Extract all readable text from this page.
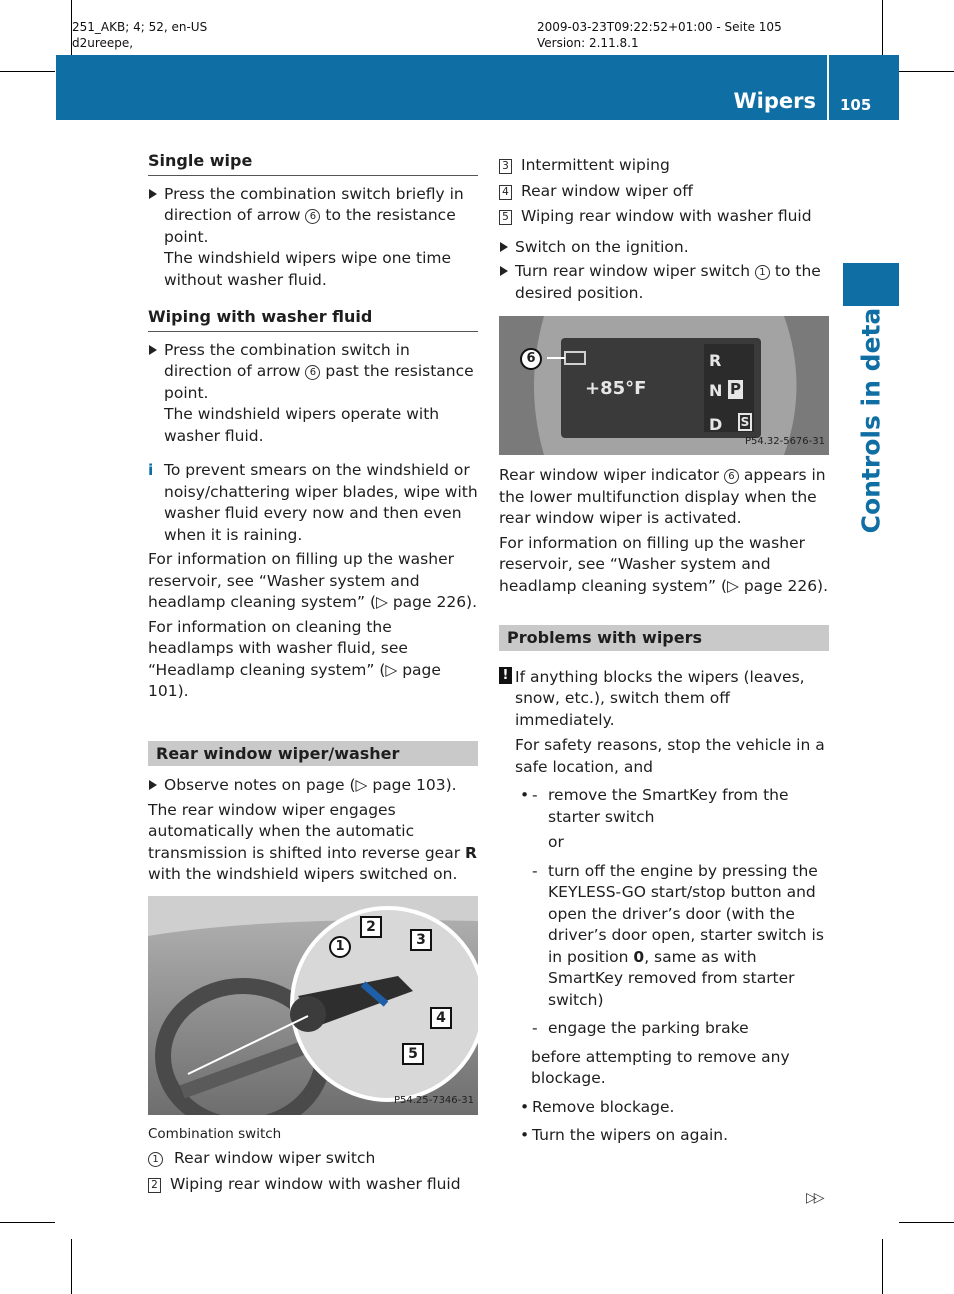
251_AKB; 4; 52, en-US
d2ureepe,
2009-03-23T09:22:52+01:00 - Seite 105
Version: 2.11.8.1
Wipers 105
Controls in detail
Single wipe
Press the combination switch briefly in direction of arrow 6 to the resistance point.
The windshield wipers wipe one time without washer fluid.
Wiping with washer fluid
Press the combination switch in direction of arrow 6 past the resistance point.
The windshield wipers operate with washer fluid.
i To prevent smears on the windshield or noisy/chattering wiper blades, wipe with washer fluid every now and then even when it is raining.
For information on filling up the washer reservoir, see “Washer system and headlamp cleaning system” (▷ page 226).
For information on cleaning the headlamps with washer fluid, see “Headlamp cleaning system” (▷ page 101).
Rear window wiper/washer
Observe notes on page (▷ page 103).
The rear window wiper engages automatically when the automatic transmission is shifted into reverse gear R with the windshield wipers switched on.
1
2
3
4
5
P54.25-7346-31
Combination switch
1 Rear window wiper switch
2 Wiping rear window with washer fluid
3 Intermittent wiping
4 Rear window wiper off
5 Wiping rear window with washer fluid
Switch on the ignition.
Turn rear window wiper switch 1 to the desired position.
6
+85°F
R
N P
D S
P54.32-5676-31
Rear window wiper indicator 6 appears in the lower multifunction display when the rear window wiper is activated.
For information on filling up the washer reservoir, see “Washer system and headlamp cleaning system” (▷ page 226).
Problems with wipers
! If anything blocks the wipers (leaves, snow, etc.), switch them off immediately.
For safety reasons, stop the vehicle in a safe location, and
- • remove the SmartKey from the starter switch
or
- turn off the engine by pressing the KEYLESS-GO start/stop button and open the driver’s door (with the driver’s door open, starter switch is in position 0, same as with SmartKey removed from starter switch)
- engage the parking brake
before attempting to remove any blockage.
• Remove blockage.
• Turn the wipers on again.
▷▷
